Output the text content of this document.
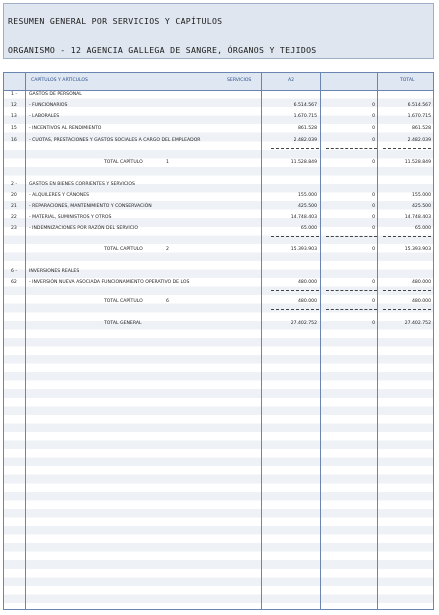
RESUMEN GENERAL POR SERVICIOS Y CAPÍTULOS
ORGANISMO - 12 AGENCIA GALLEGA DE SANGRE, ÓRGANOS Y TEJIDOS
CAPÍTULOS Y ARTÍCULOS	SERVICIOS	A2	TOTAL
1 -	GASTOS DE PERSONAL
12	- FUNCIONARIOS	6.514.567	0	6.514.567
13	- LABORALES	1.670.715	0	1.670.715
15	- INCENTIVOS AL RENDIMIENTO	861.528	0	861.528
16	- CUOTAS, PRESTACIONES Y GASTOS SOCIALES A CARGO DEL EMPLEADOR	2.482.039	0	2.482.039
TOTAL CAPÍTULO	1	11.528.849	0	11.528.849
2 -	GASTOS EN BIENES CORRIENTES Y SERVICIOS
20	- ALQUILERES Y CÁNONES	155.000	0	155.000
21	- REPARACIONES, MANTENIMIENTO Y CONSERVACIÓN	425.500	0	425.500
22	- MATERIAL, SUMINISTROS Y OTROS	14.748.403	0	14.748.403
23	- INDEMNIZACIONES POR RAZÓN DEL SERVICIO	65.000	0	65.000
TOTAL CAPÍTULO	2	15.393.903	0	15.393.903
6 -	INVERSIONES REALES
62	- INVERSIÓN NUEVA ASOCIADA FUNCIONAMIENTO OPERATIVO DE LOS	480.000	0	480.000
TOTAL CAPÍTULO	6	480.000	0	480.000
TOTAL GENERAL	27.402.752	0	27.402.752
